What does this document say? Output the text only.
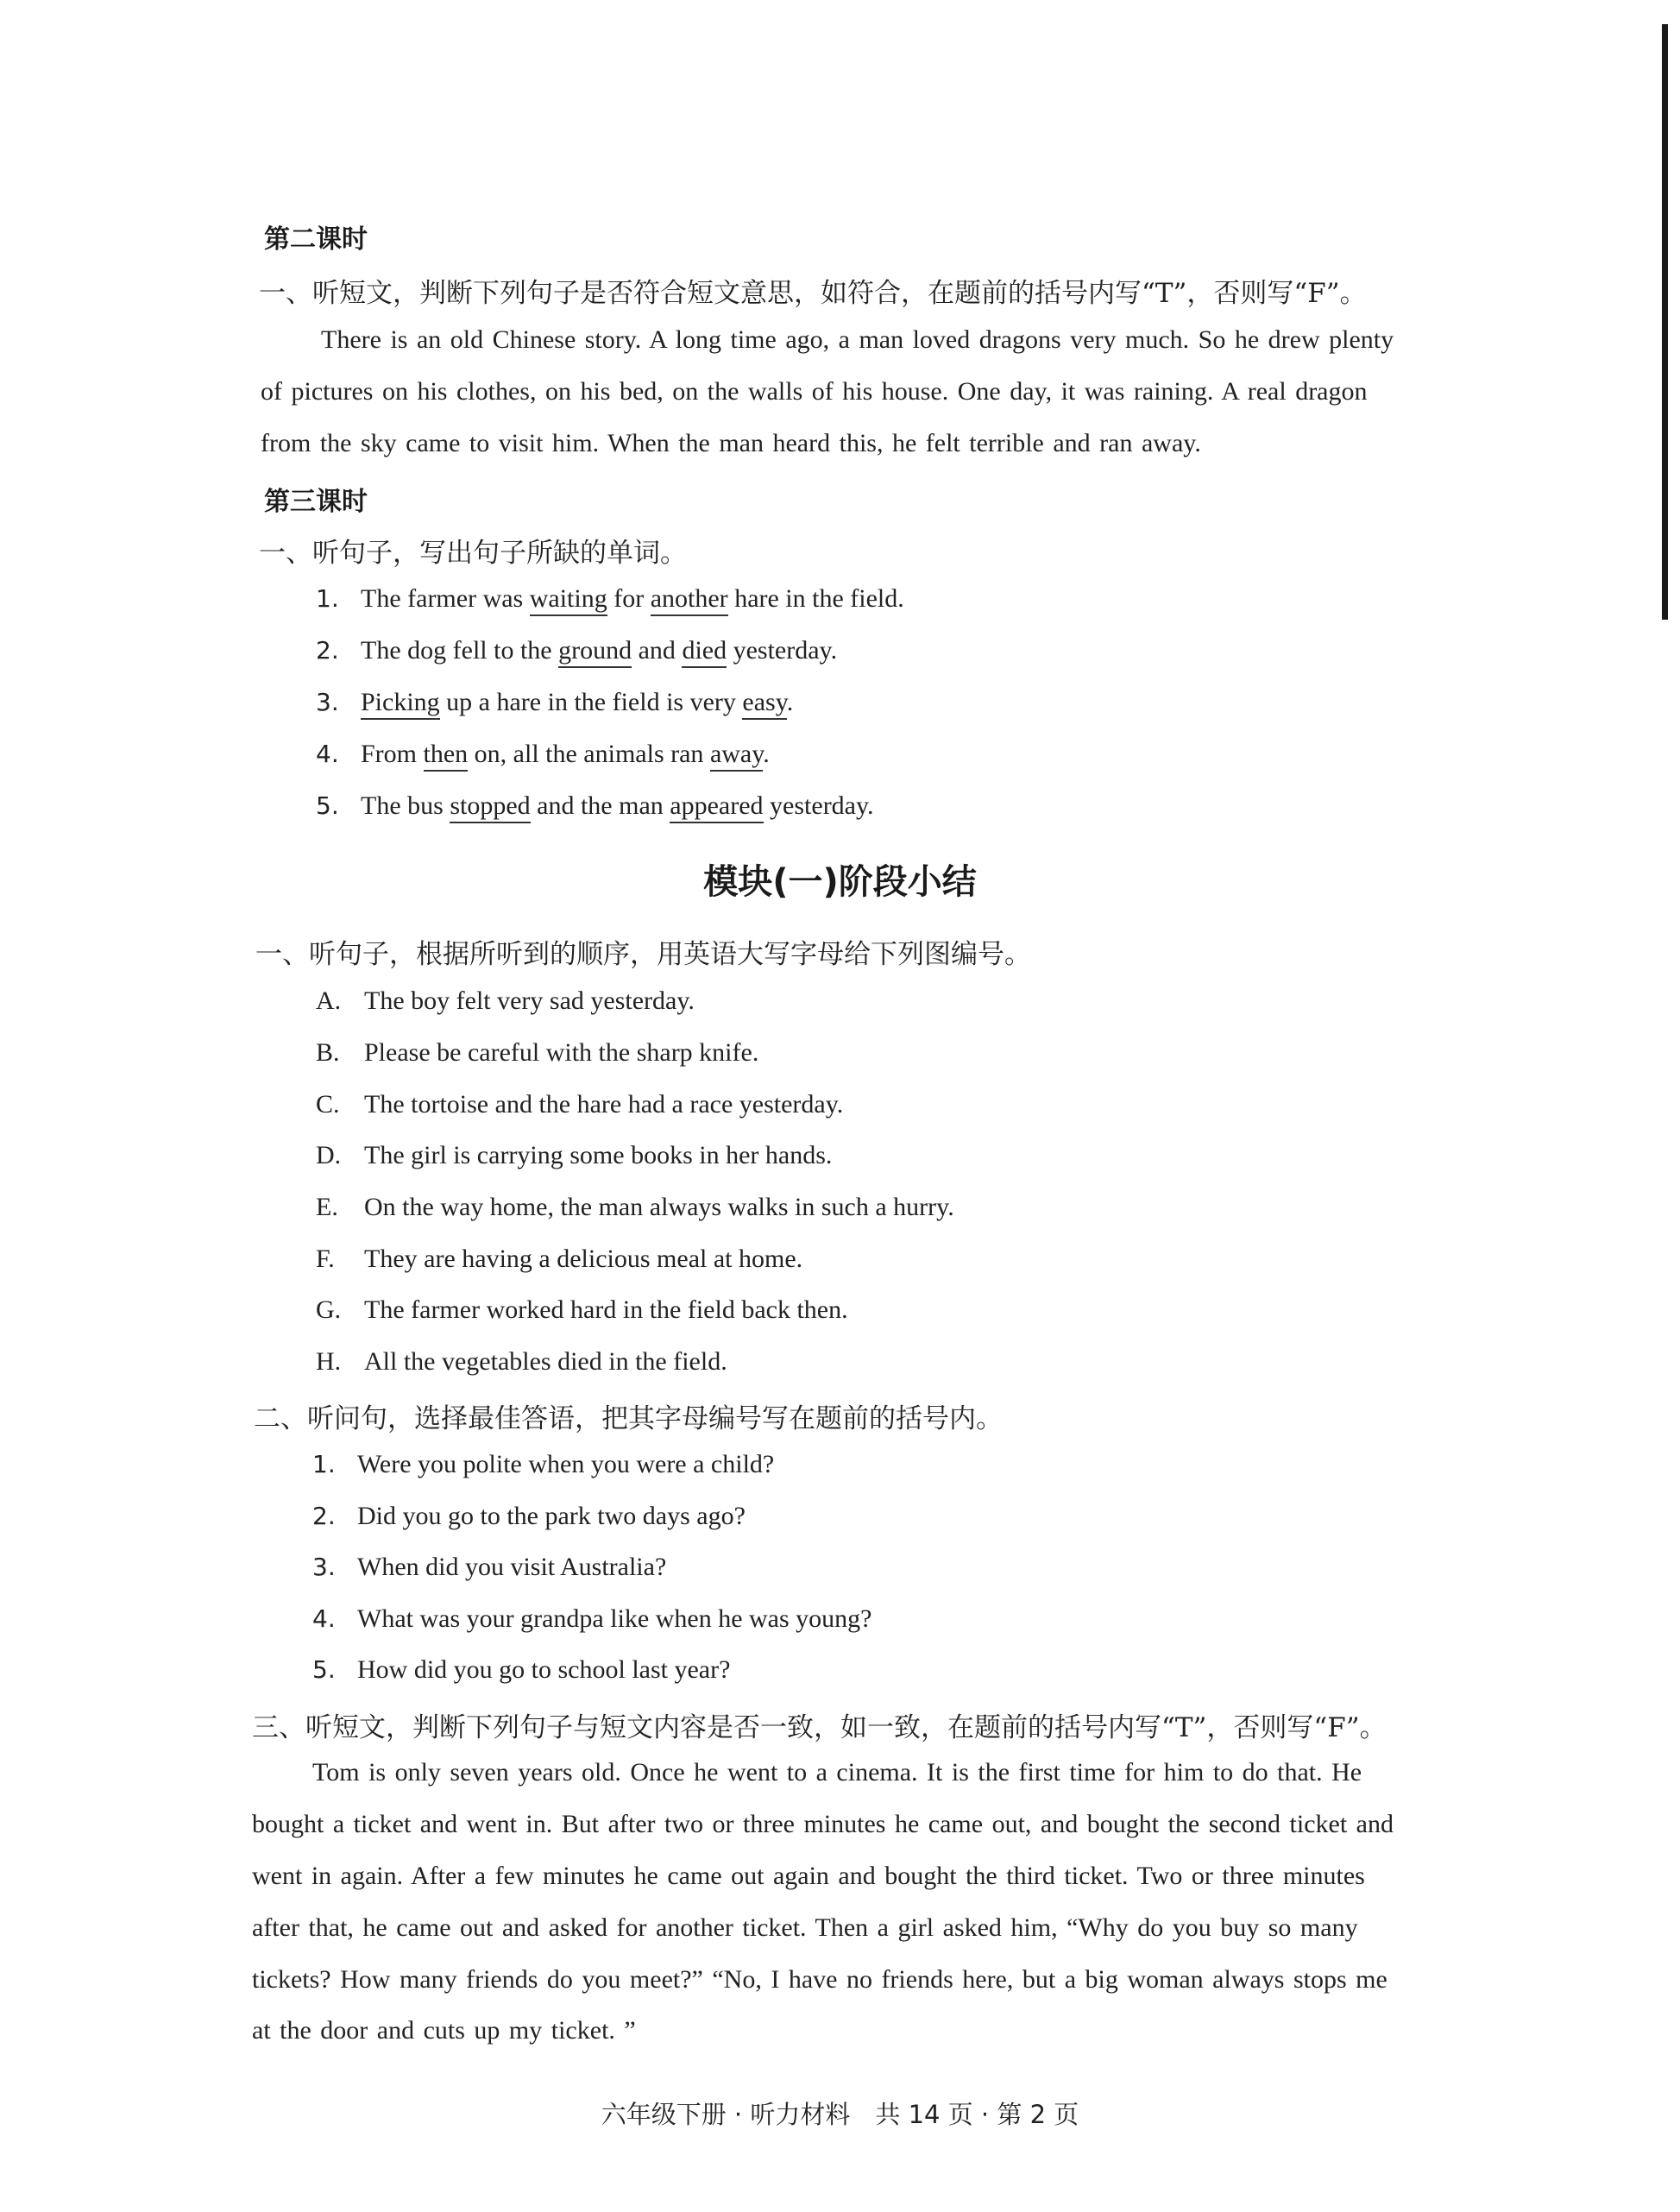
第二课时
一、听短文，判断下列句子是否符合短文意思，如符合，在题前的括号内写“T”，否则写“F”。
There is an old Chinese story. A long time ago, a man loved dragons very much. So he drew plenty
of pictures on his clothes, on his bed, on the walls of his house. One day, it was raining. A real dragon
from the sky came to visit him. When the man heard this, he felt terrible and ran away.
第三课时
一、听句子，写出句子所缺的单词。
1. The farmer was waiting for another hare in the field.
2. The dog fell to the ground and died yesterday.
3. Picking up a hare in the field is very easy.
4. From then on, all the animals ran away.
5. The bus stopped and the man appeared yesterday.
模块(一)阶段小结
一、听句子，根据所听到的顺序，用英语大写字母给下列图编号。
A. The boy felt very sad yesterday.
B. Please be careful with the sharp knife.
C. The tortoise and the hare had a race yesterday.
D. The girl is carrying some books in her hands.
E. On the way home, the man always walks in such a hurry.
F. They are having a delicious meal at home.
G. The farmer worked hard in the field back then.
H. All the vegetables died in the field.
二、听问句，选择最佳答语，把其字母编号写在题前的括号内。
1. Were you polite when you were a child?
2. Did you go to the park two days ago?
3. When did you visit Australia?
4. What was your grandpa like when he was young?
5. How did you go to school last year?
三、听短文，判断下列句子与短文内容是否一致，如一致，在题前的括号内写“T”，否则写“F”。
Tom is only seven years old. Once he went to a cinema. It is the first time for him to do that. He
bought a ticket and went in. But after two or three minutes he came out, and bought the second ticket and
went in again. After a few minutes he came out again and bought the third ticket. Two or three minutes
after that, he came out and asked for another ticket. Then a girl asked him, “Why do you buy so many
tickets? How many friends do you meet?” “No, I have no friends here, but a big woman always stops me
at the door and cuts up my ticket. ”
六年级下册 · 听力材料　共 14 页 · 第 2 页
